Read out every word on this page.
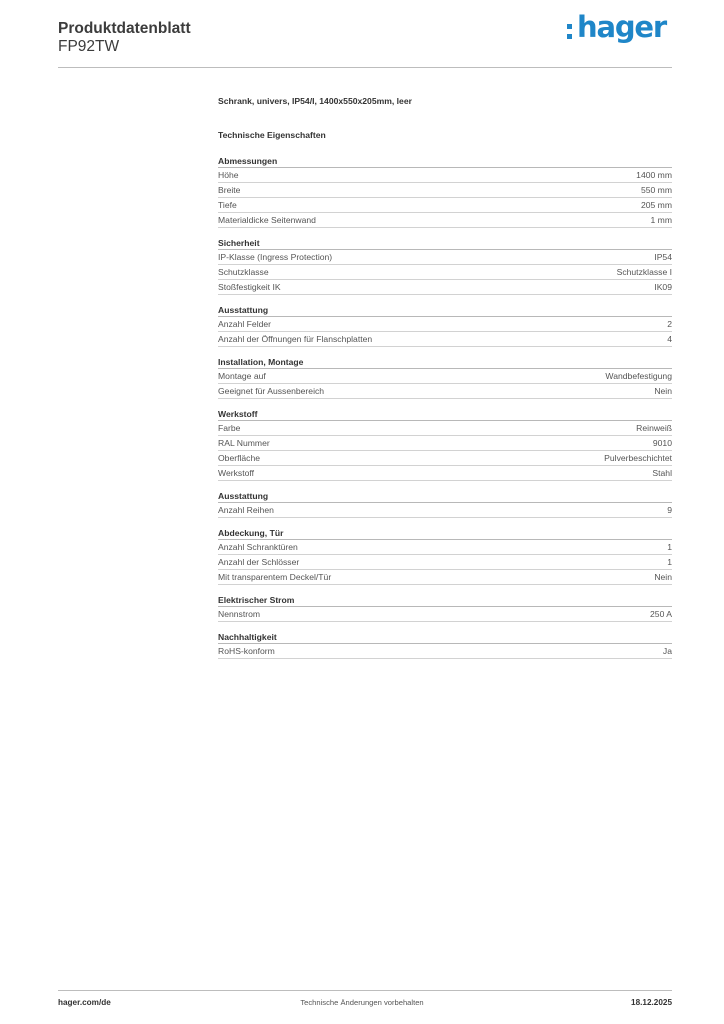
Produktdatenblatt
FP92TW
hager
Schrank, univers, IP54/I, 1400x550x205mm, leer
Technische Eigenschaften
Abmessungen
Höhe	1400 mm
Breite	550 mm
Tiefe	205 mm
Materialdicke Seitenwand	1 mm
Sicherheit
IP-Klasse (Ingress Protection)	IP54
Schutzklasse	Schutzklasse I
Stoßfestigkeit IK	IK09
Ausstattung
Anzahl Felder	2
Anzahl der Öffnungen für Flanschplatten	4
Installation, Montage
Montage auf	Wandbefestigung
Geeignet für Aussenbereich	Nein
Werkstoff
Farbe	Reinweiß
RAL Nummer	9010
Oberfläche	Pulverbeschichtet
Werkstoff	Stahl
Ausstattung
Anzahl Reihen	9
Abdeckung, Tür
Anzahl Schranktüren	1
Anzahl der Schlösser	1
Mit transparentem Deckel/Tür	Nein
Elektrischer Strom
Nennstrom	250 A
Nachhaltigkeit
RoHS-konform	Ja
hager.com/de	Technische Änderungen vorbehalten	18.12.2025
